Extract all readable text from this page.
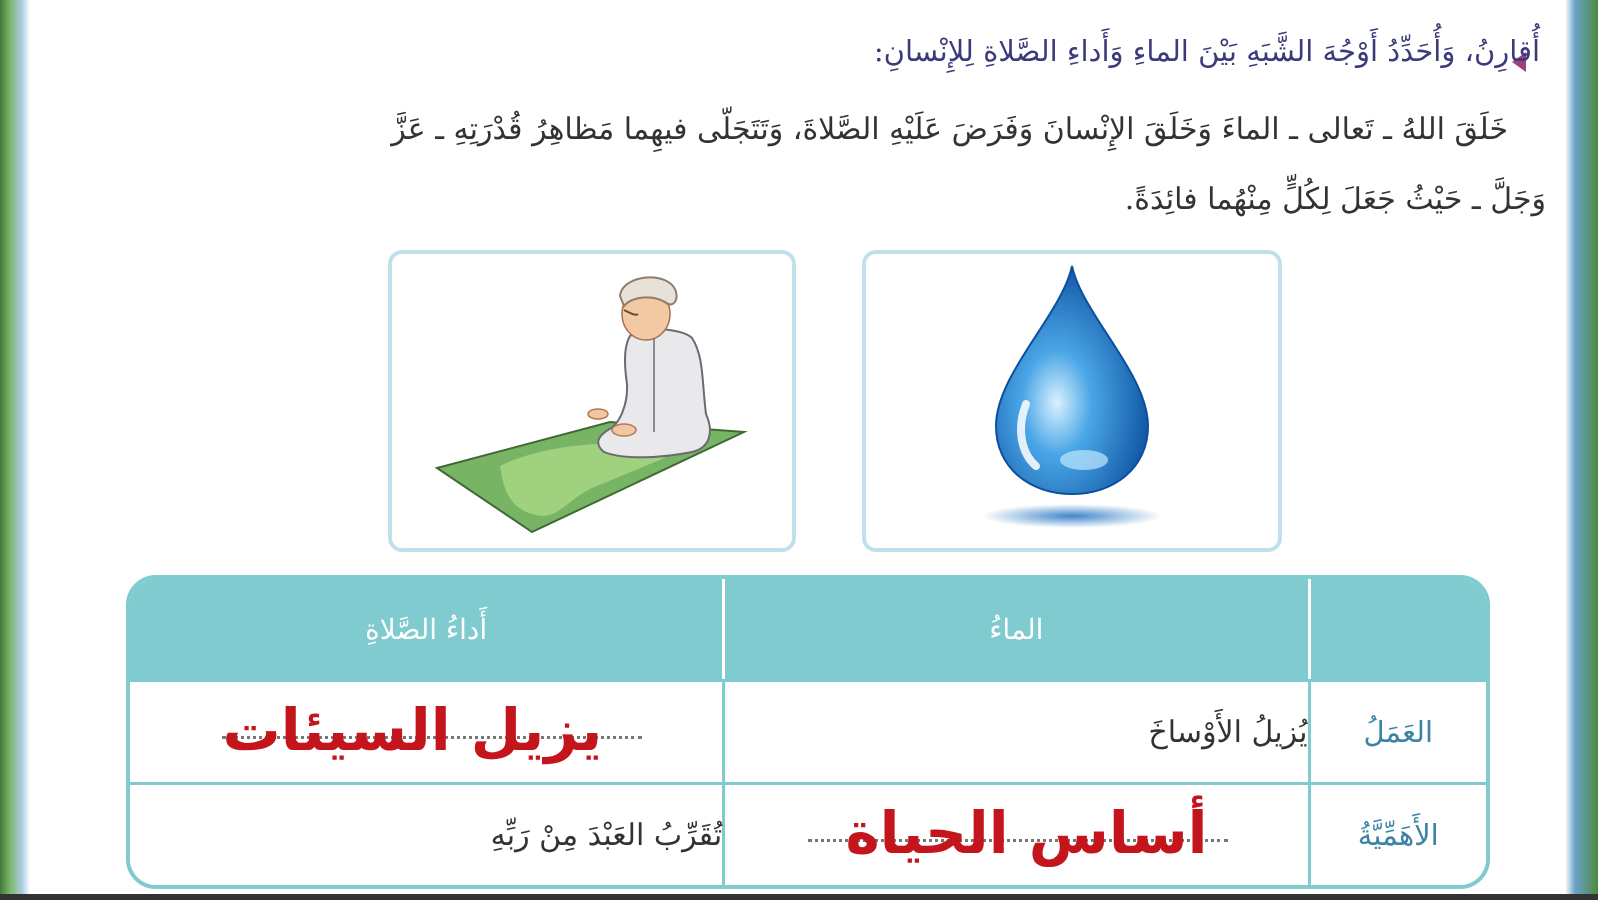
أُقارِنُ، وَأُحَدِّدُ أَوْجُهَ الشَّبَهِ بَيْنَ الماءِ وَأَداءِ الصَّلاةِ لِلإِنْسانِ:
خَلَقَ اللهُ ـ تَعالى ـ الماءَ وَخَلَقَ الإِنْسانَ وَفَرَضَ عَلَيْهِ الصَّلاةَ، وَتَتَجَلّى فيهِما مَظاهِرُ قُدْرَتِهِ ـ عَزَّ
وَجَلَّ ـ حَيْثُ جَعَلَ لِكُلٍّ مِنْهُما فائِدَةً.
	الماءُ	أَداءُ الصَّلاةِ
العَمَلُ	يُزيلُ الأَوْساخَ	يزيل السيئات

الأَهَمِّيَّةُ	أساس الحياة	تُقَرِّبُ العَبْدَ مِنْ رَبِّهِ
